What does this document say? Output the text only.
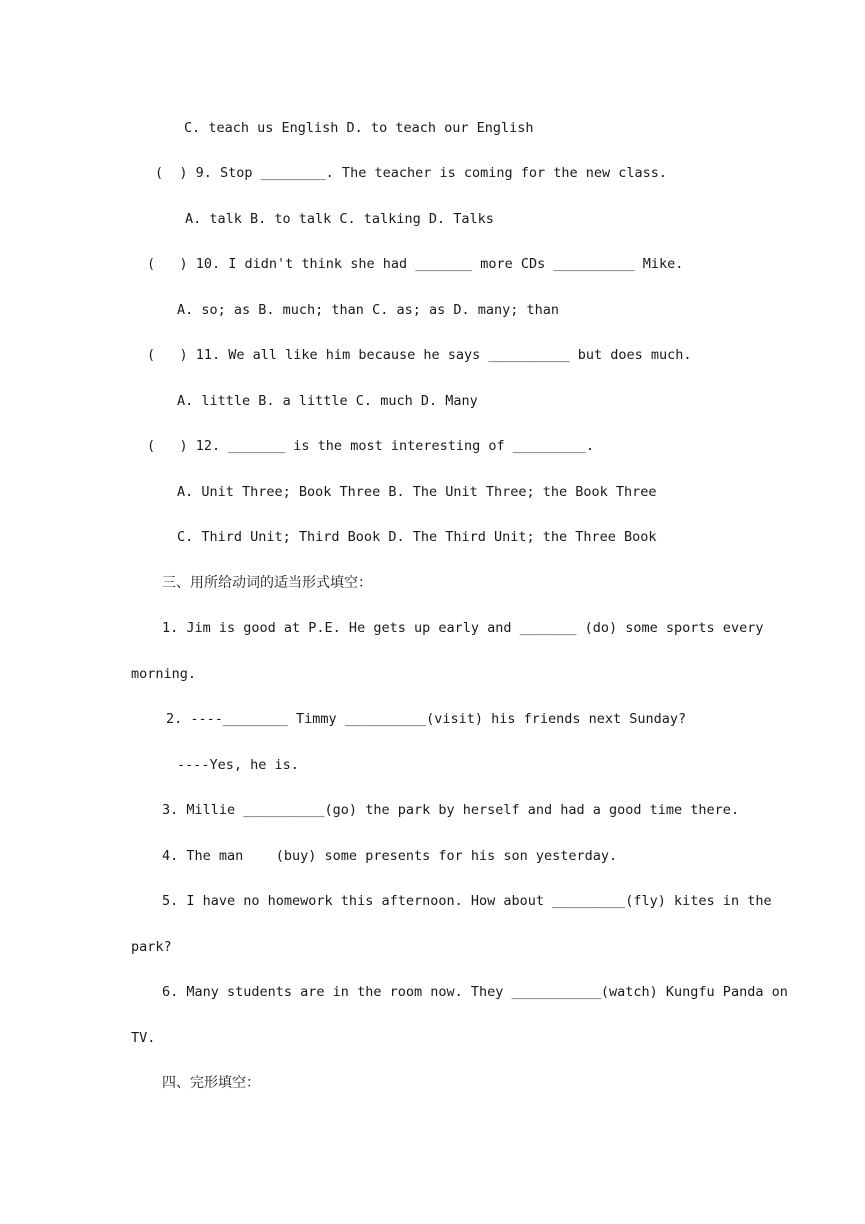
C. teach us English D. to teach our English
(  ) 9. Stop ________. The teacher is coming for the new class.
A. talk B. to talk C. talking D. Talks
(   ) 10. I didn't think she had _______ more CDs __________ Mike.
A. so; as B. much; than C. as; as D. many; than
(   ) 11. We all like him because he says __________ but does much.
A. little B. a little C. much D. Many
(   ) 12. _______ is the most interesting of _________.
A. Unit Three; Book Three B. The Unit Three; the Book Three
C. Third Unit; Third Book D. The Third Unit; the Three Book
三、用所给动词的适当形式填空：
1. Jim is good at P.E. He gets up early and _______ (do) some sports every
morning.
2. ----________ Timmy __________(visit) his friends next Sunday?
----Yes, he is.
3. Millie __________(go) the park by herself and had a good time there.
4. The man    (buy) some presents for his son yesterday.
5. I have no homework this afternoon. How about _________(fly) kites in the
park?
6. Many students are in the room now. They ___________(watch) Kungfu Panda on
TV.
四、完形填空：
